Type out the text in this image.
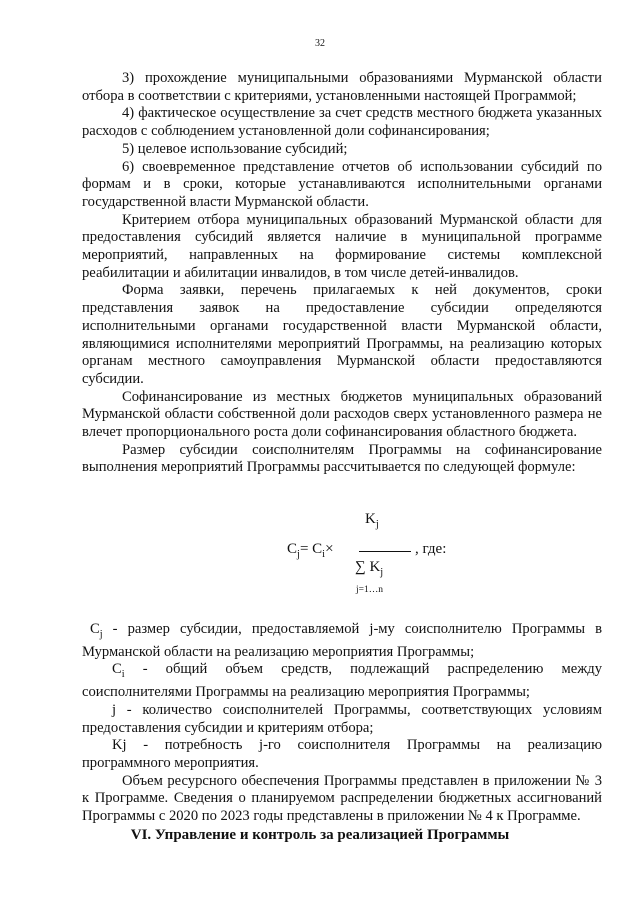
32

3) прохождение муниципальными образованиями Мурманской области отбора в соответствии с критериями, установленными настоящей Программой;

4) фактическое осуществление за счет средств местного бюджета указанных расходов с соблюдением установленной доли софинансирования;

5) целевое использование субсидий;

6) своевременное представление отчетов об использовании субсидий по формам и в сроки, которые устанавливаются исполнительными органами государственной власти Мурманской области.

Критерием отбора муниципальных образований Мурманской области для предоставления субсидий является наличие в муниципальной программе мероприятий, направленных на формирование системы комплексной реабилитации и абилитации инвалидов, в том числе детей-инвалидов.

Форма заявки, перечень прилагаемых к ней документов, сроки представления заявок на предоставление субсидии определяются исполнительными органами государственной власти Мурманской области, являющимися исполнителями мероприятий Программы, на реализацию которых органам местного самоуправления Мурманской области предоставляются субсидии.

Софинансирование из местных бюджетов муниципальных образований Мурманской области собственной доли расходов сверх установленного размера не влечет пропорционального роста доли софинансирования областного бюджета.

Размер субсидии соисполнителям Программы на софинансирование выполнения мероприятий Программы рассчитывается по следующей формуле:

$K_j$
$C_j= C_i\times$	, где:
∑ $K_j$
j=1…n

$C_j$ - размер субсидии, предоставляемой j-му соисполнителю Программы в Мурманской области на реализацию мероприятия Программы;

$C_i$ - общий объем средств, подлежащий распределению между соисполнителями Программы на реализацию мероприятия Программы;

j - количество соисполнителей Программы, соответствующих условиям предоставления субсидии и критериям отбора;

Kj - потребность j-го соисполнителя Программы на реализацию программного мероприятия.

Объем ресурсного обеспечения Программы представлен в приложении № 3 к Программе. Сведения о планируемом распределении бюджетных ассигнований Программы с 2020 по 2023 годы представлены в приложении № 4 к Программе.

VI. Управление и контроль за реализацией Программы
